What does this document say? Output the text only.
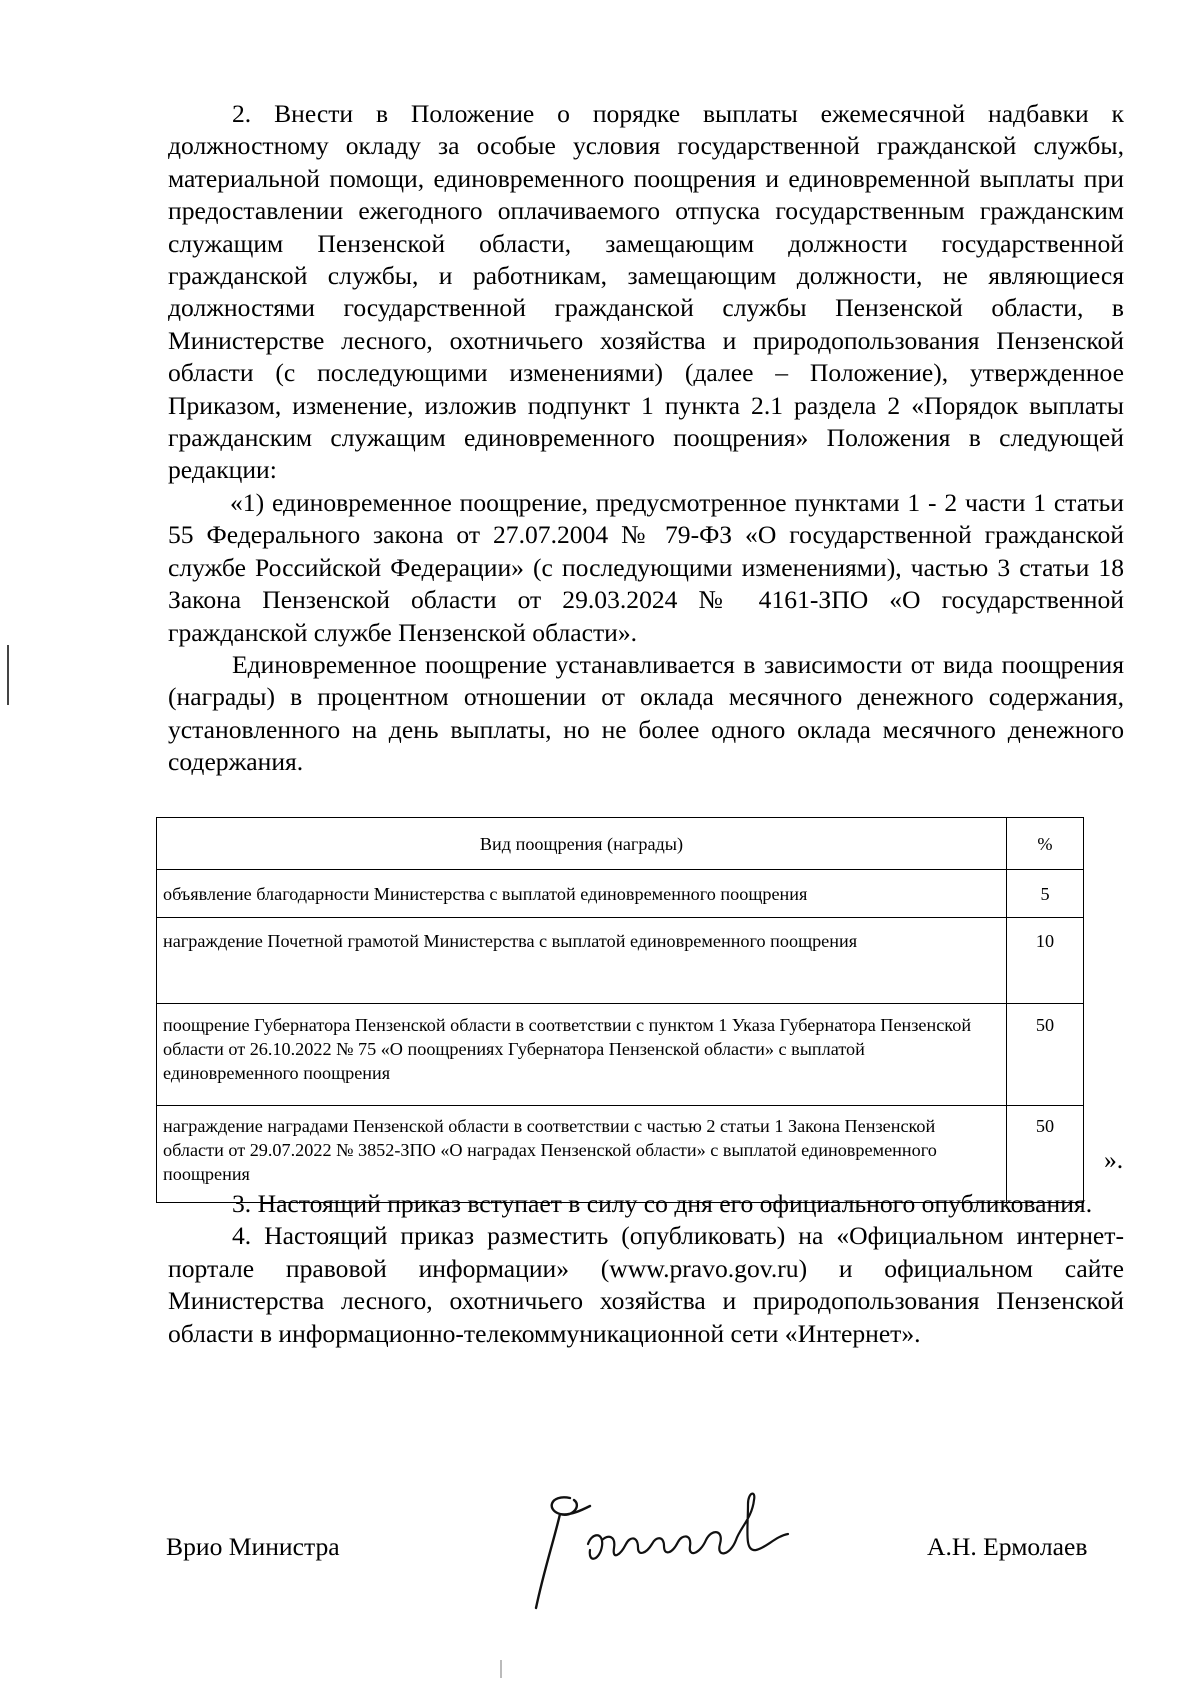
2. Внести в Положение о порядке выплаты ежемесячной надбавки к должностному окладу за особые условия государственной гражданской службы, материальной помощи, единовременного поощрения и единовременной выплаты при предоставлении ежегодного оплачиваемого отпуска государственным гражданским служащим Пензенской области, замещающим должности государственной гражданской службы, и работникам, замещающим должности, не являющиеся должностями государственной гражданской службы Пензенской области, в Министерстве лесного, охотничьего хозяйства и природопользования Пензенской области (с последующими изменениями) (далее – Положение), утвержденное Приказом, изменение, изложив подпункт 1 пункта 2.1 раздела 2 «Порядок выплаты гражданским служащим единовременного поощрения» Положения в следующей редакции:

«1) единовременное поощрение, предусмотренное пунктами 1 - 2 части 1 статьи 55 Федерального закона от 27.07.2004 № 79-ФЗ «О государственной гражданской службе Российской Федерации» (с последующими изменениями), частью 3 статьи 18 Закона Пензенской области от 29.03.2024 № 4161-ЗПО «О государственной гражданской службе Пензенской области».

Единовременное поощрение устанавливается в зависимости от вида поощрения (награды) в процентном отношении от оклада месячного денежного содержания, установленного на день выплаты, но не более одного оклада месячного денежного содержания.

Вид поощрения (награды)	%
объявление благодарности Министерства с выплатой единовременного поощрения	5
награждение Почетной грамотой Министерства с выплатой единовременного поощрения	10
поощрение Губернатора Пензенской области в соответствии с пунктом 1 Указа Губернатора Пензенской области от 26.10.2022 № 75 «О поощрениях Губернатора Пензенской области» с выплатой единовременного поощрения	50
награждение наградами Пензенской области в соответствии с частью 2 статьи 1 Закона Пензенской области от 29.07.2022 № 3852-ЗПО «О наградах Пензенской области» с выплатой единовременного поощрения	50
».

3. Настоящий приказ вступает в силу со дня его официального опубликования.

4. Настоящий приказ разместить (опубликовать) на «Официальном интернет-портале правовой информации» (www.pravo.gov.ru) и официальном сайте Министерства лесного, охотничьего хозяйства и природопользования Пензенской области в информационно-телекоммуникационной сети «Интернет».

Врио Министра	А.Н. Ермолаев
